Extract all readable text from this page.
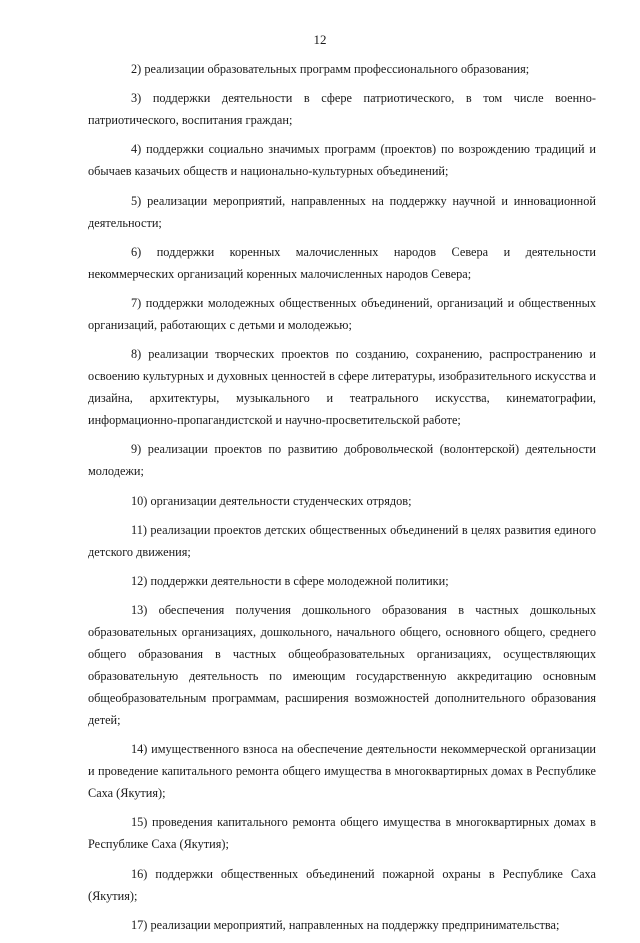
12

2) реализации образовательных программ профессионального образования;

3) поддержки деятельности в сфере патриотического, в том числе военно-патриотического, воспитания граждан;

4) поддержки социально значимых программ (проектов) по возрождению традиций и обычаев казачьих обществ и национально-культурных объединений;

5) реализации мероприятий, направленных на поддержку научной и инновационной деятельности;

6) поддержки коренных малочисленных народов Севера и деятельности некоммерческих организаций коренных малочисленных народов Севера;

7) поддержки молодежных общественных объединений, организаций и общественных организаций, работающих с детьми и молодежью;

8) реализации творческих проектов по созданию, сохранению, распространению и освоению культурных и духовных ценностей в сфере литературы, изобразительного искусства и дизайна, архитектуры, музыкального и театрального искусства, кинематографии, информационно-пропагандистской и научно-просветительской работе;

9) реализации проектов по развитию добровольческой (волонтерской) деятельности молодежи;

10) организации деятельности студенческих отрядов;

11) реализации проектов детских общественных объединений в целях развития единого детского движения;

12) поддержки деятельности в сфере молодежной политики;

13) обеспечения получения дошкольного образования в частных дошкольных образовательных организациях, дошкольного, начального общего, основного общего, среднего общего образования в частных общеобразовательных организациях, осуществляющих образовательную деятельность по имеющим государственную аккредитацию основным общеобразовательным программам, расширения возможностей дополнительного образования детей;

14) имущественного взноса на обеспечение деятельности некоммерческой организации и проведение капитального ремонта общего имущества в многоквартирных домах в Республике Саха (Якутия);

15) проведения капитального ремонта общего имущества в многоквартирных домах в Республике Саха (Якутия);

16) поддержки общественных объединений пожарной охраны в Республике Саха (Якутия);

17) реализации мероприятий, направленных на поддержку предпринимательства;
